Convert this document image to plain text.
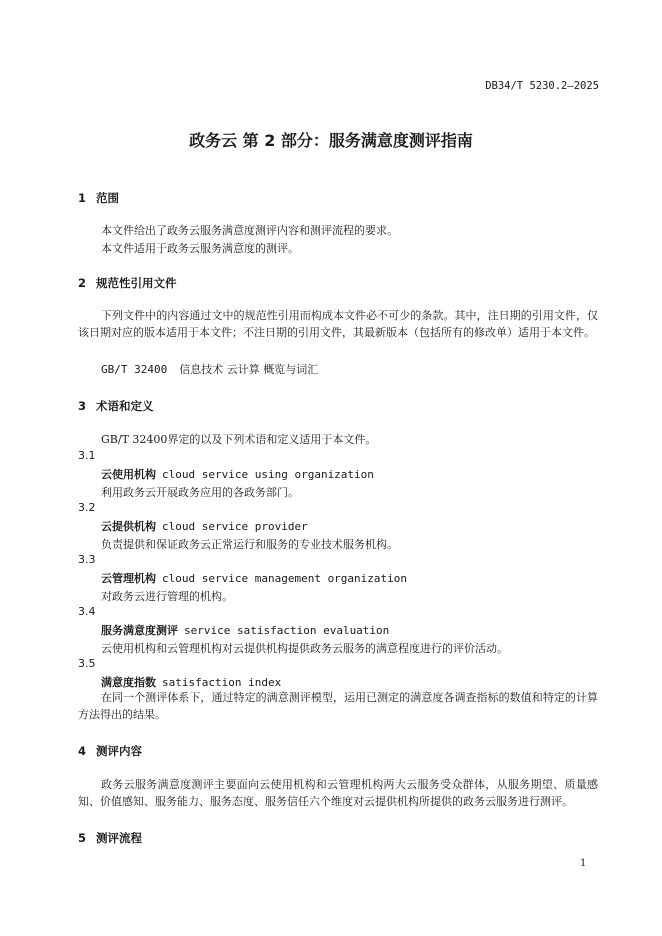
DB34/T 5230.2—2025
政务云 第 2 部分：服务满意度测评指南
1 范围
本文件给出了政务云服务满意度测评内容和测评流程的要求。
本文件适用于政务云服务满意度的测评。
2 规范性引用文件
下列文件中的内容通过文中的规范性引用而构成本文件必不可少的条款。其中，注日期的引用文件，仅该日期对应的版本适用于本文件；不注日期的引用文件，其最新版本（包括所有的修改单）适用于本文件。
GB/T 32400 信息技术 云计算 概览与词汇
3 术语和定义
GB/T 32400界定的以及下列术语和定义适用于本文件。
3.1
云使用机构 cloud service using organization
利用政务云开展政务应用的各政务部门。
3.2
云提供机构 cloud service provider
负责提供和保证政务云正常运行和服务的专业技术服务机构。
3.3
云管理机构 cloud service management organization
对政务云进行管理的机构。
3.4
服务满意度测评 service satisfaction evaluation
云使用机构和云管理机构对云提供机构提供政务云服务的满意程度进行的评价活动。
3.5
满意度指数 satisfaction index
在同一个测评体系下，通过特定的满意测评模型，运用已测定的满意度各调查指标的数值和特定的计算方法得出的结果。
4 测评内容
政务云服务满意度测评主要面向云使用机构和云管理机构两大云服务受众群体，从服务期望、质量感知、价值感知、服务能力、服务态度、服务信任六个维度对云提供机构所提供的政务云服务进行测评。
5 测评流程
1
